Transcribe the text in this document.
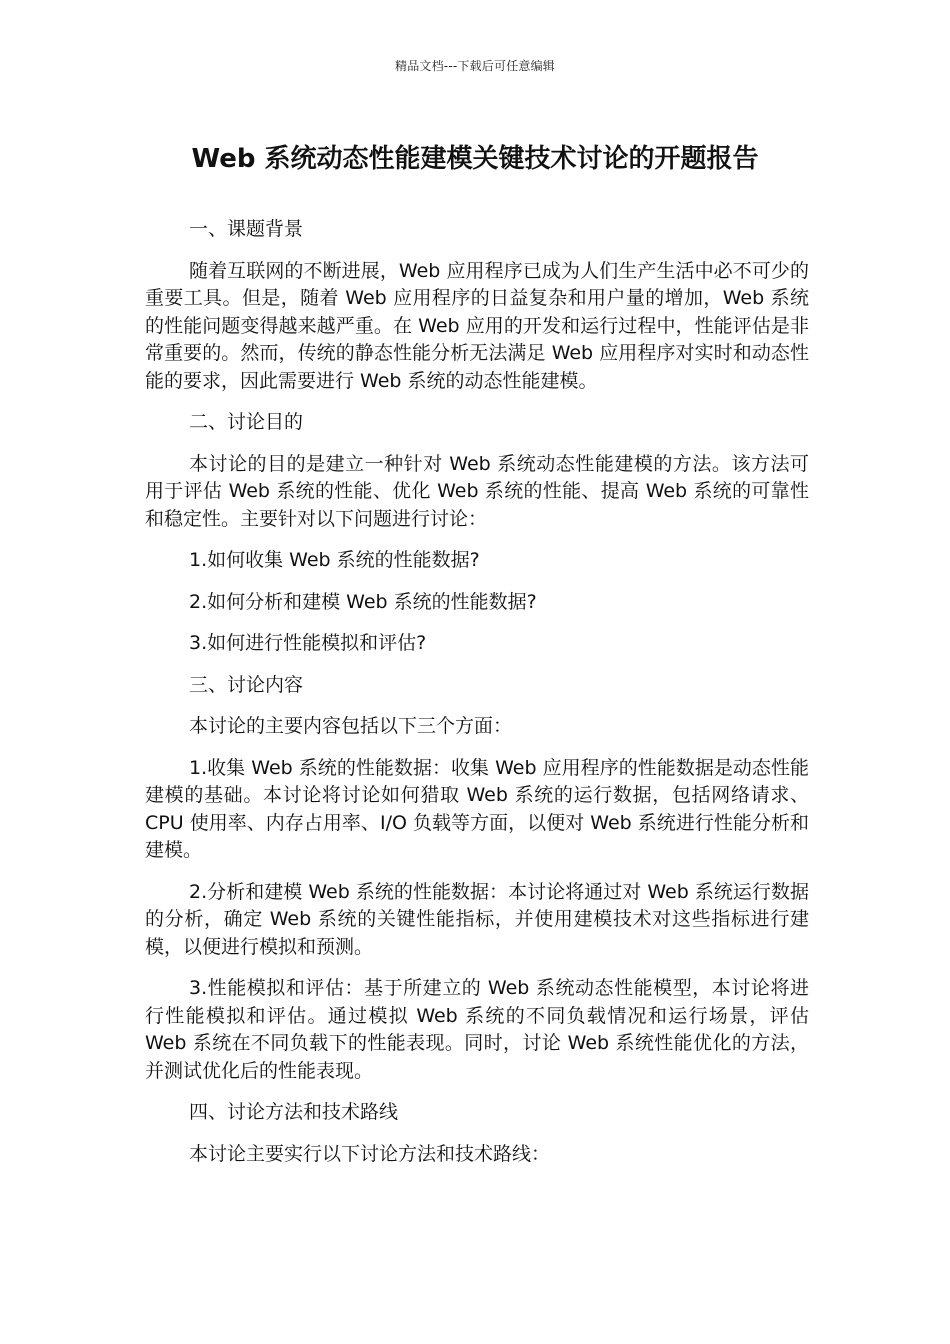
精品文档---下载后可任意编辑
Web 系统动态性能建模关键技术讨论的开题报告

一、课题背景

随着互联网的不断进展，Web 应用程序已成为人们生产生活中必不可少的重要工具。但是，随着 Web 应用程序的日益复杂和用户量的增加，Web 系统的性能问题变得越来越严重。在 Web 应用的开发和运行过程中，性能评估是非常重要的。然而，传统的静态性能分析无法满足 Web 应用程序对实时和动态性能的要求，因此需要进行 Web 系统的动态性能建模。

二、讨论目的

本讨论的目的是建立一种针对 Web 系统动态性能建模的方法。该方法可用于评估 Web 系统的性能、优化 Web 系统的性能、提高 Web 系统的可靠性和稳定性。主要针对以下问题进行讨论：

1.如何收集 Web 系统的性能数据?

2.如何分析和建模 Web 系统的性能数据?

3.如何进行性能模拟和评估?

三、讨论内容

本讨论的主要内容包括以下三个方面：

1.收集 Web 系统的性能数据：收集 Web 应用程序的性能数据是动态性能建模的基础。本讨论将讨论如何猎取 Web 系统的运行数据，包括网络请求、CPU 使用率、内存占用率、I/O 负载等方面，以便对 Web 系统进行性能分析和建模。

2.分析和建模 Web 系统的性能数据：本讨论将通过对 Web 系统运行数据的分析，确定 Web 系统的关键性能指标，并使用建模技术对这些指标进行建模，以便进行模拟和预测。

3.性能模拟和评估：基于所建立的 Web 系统动态性能模型，本讨论将进行性能模拟和评估。通过模拟 Web 系统的不同负载情况和运行场景，评估 Web 系统在不同负载下的性能表现。同时，讨论 Web 系统性能优化的方法，并测试优化后的性能表现。

四、讨论方法和技术路线

本讨论主要实行以下讨论方法和技术路线：
